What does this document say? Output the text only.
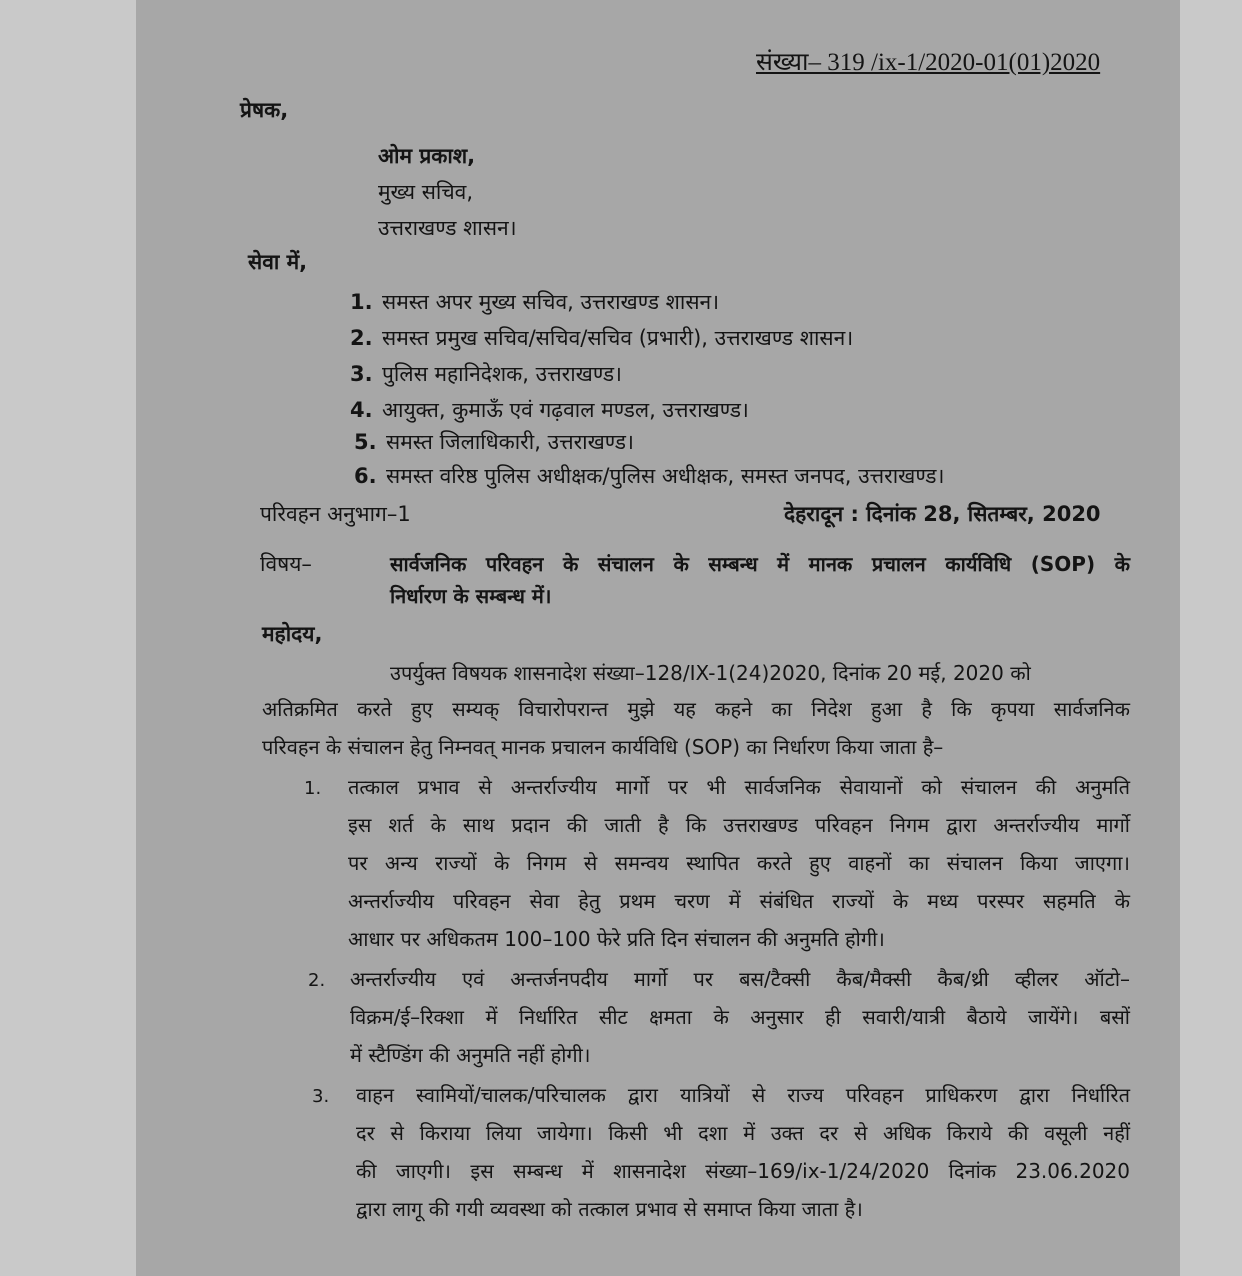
संख्या– 319 /ix-1/2020-01(01)2020
प्रेषक,
ओम प्रकाश,
मुख्य सचिव,
उत्तराखण्ड शासन।
सेवा में,
1. समस्त अपर मुख्य सचिव, उत्तराखण्ड शासन।
2. समस्त प्रमुख सचिव/सचिव/सचिव (प्रभारी), उत्तराखण्ड शासन।
3. पुलिस महानिदेशक, उत्तराखण्ड।
4. आयुक्त, कुमाऊँ एवं गढ़वाल मण्डल, उत्तराखण्ड।
5. समस्त जिलाधिकारी, उत्तराखण्ड।
6. समस्त वरिष्ठ पुलिस अधीक्षक/पुलिस अधीक्षक, समस्त जनपद, उत्तराखण्ड।
परिवहन अनुभाग–1	देहरादून : दिनांक 28, सितम्बर, 2020
विषय–	सार्वजनिक परिवहन के संचालन के सम्बन्ध में मानक प्रचालन कार्यविधि (SOP) के
निर्धारण के सम्बन्ध में।
महोदय,
उपर्युक्त विषयक शासनादेश संख्या–128/IX-1(24)2020, दिनांक 20 मई, 2020 को
अतिक्रमित करते हुए सम्यक् विचारोपरान्त मुझे यह कहने का निदेश हुआ है कि कृपया सार्वजनिक
परिवहन के संचालन हेतु निम्नवत् मानक प्रचालन कार्यविधि (SOP) का निर्धारण किया जाता है–
1. तत्काल प्रभाव से अन्तर्राज्यीय मार्गो पर भी सार्वजनिक सेवायानों को संचालन की अनुमति
इस शर्त के साथ प्रदान की जाती है कि उत्तराखण्ड परिवहन निगम द्वारा अन्तर्राज्यीय मार्गो
पर अन्य राज्यों के निगम से समन्वय स्थापित करते हुए वाहनों का संचालन किया जाएगा।
अन्तर्राज्यीय परिवहन सेवा हेतु प्रथम चरण में संबंधित राज्यों के मध्य परस्पर सहमति के
आधार पर अधिकतम 100–100 फेरे प्रति दिन संचालन की अनुमति होगी।
2. अन्तर्राज्यीय एवं अन्तर्जनपदीय मार्गो पर बस/टैक्सी कैब/मैक्सी कैब/थ्री व्हीलर ऑटो–
विक्रम/ई–रिक्शा में निर्धारित सीट क्षमता के अनुसार ही सवारी/यात्री बैठाये जायेंगे। बसों
में स्टैण्डिंग की अनुमति नहीं होगी।
3. वाहन स्वामियों/चालक/परिचालक द्वारा यात्रियों से राज्य परिवहन प्राधिकरण द्वारा निर्धारित
दर से किराया लिया जायेगा। किसी भी दशा में उक्त दर से अधिक किराये की वसूली नहीं
की जाएगी। इस सम्बन्ध में शासनादेश संख्या–169/ix-1/24/2020 दिनांक 23.06.2020
द्वारा लागू की गयी व्यवस्था को तत्काल प्रभाव से समाप्त किया जाता है।
